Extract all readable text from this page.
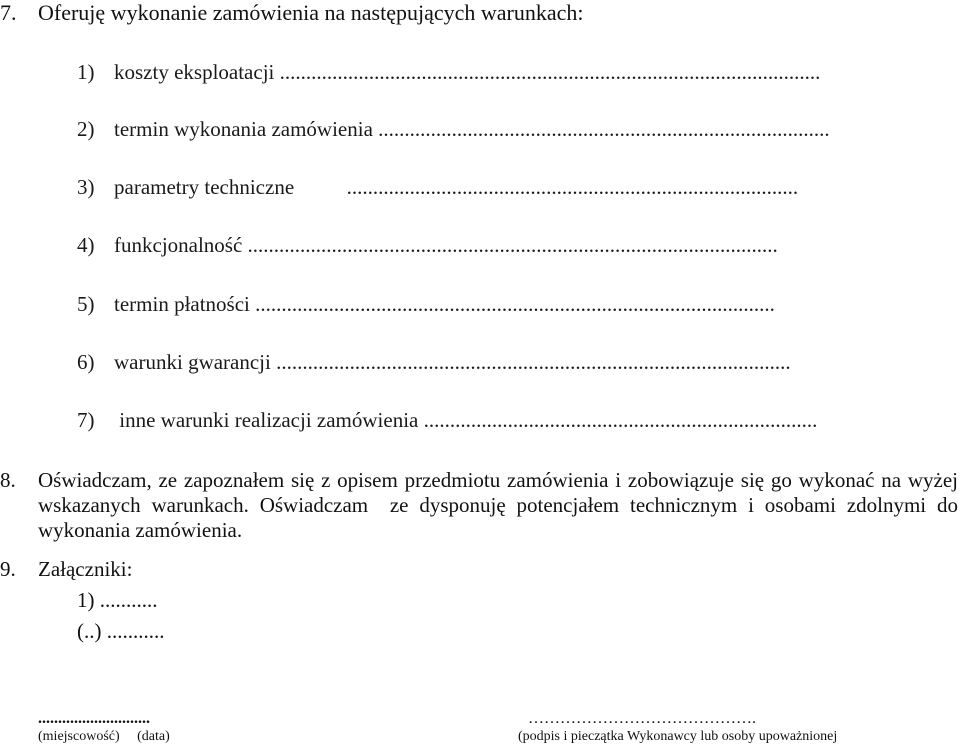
7. Oferuję wykonanie zamówienia na następujących warunkach:
1) koszty eksploatacji .......................................................................................................
2) termin wykonania zamówienia ......................................................................................
3) parametry techniczne          ......................................................................................
4) funkcjonalność .....................................................................................................
5) termin płatności ...................................................................................................
6) warunki gwarancji ..................................................................................................
7) inne warunki realizacji zamówienia ...........................................................................
8. Oświadczam, ze zapoznałem się z opisem przedmiotu zamówienia i zobowiązuje się go wykonać na wyżej wskazanych warunkach. Oświadczam  ze dysponuję potencjałem technicznym i osobami zdolnymi do wykonania zamówienia.
9. Załączniki:
1) ...........
(..) ...........
............................
(miejscowość)     (data)
…………………………………….
(podpis i pieczątka Wykonawcy lub osoby upoważnionej
